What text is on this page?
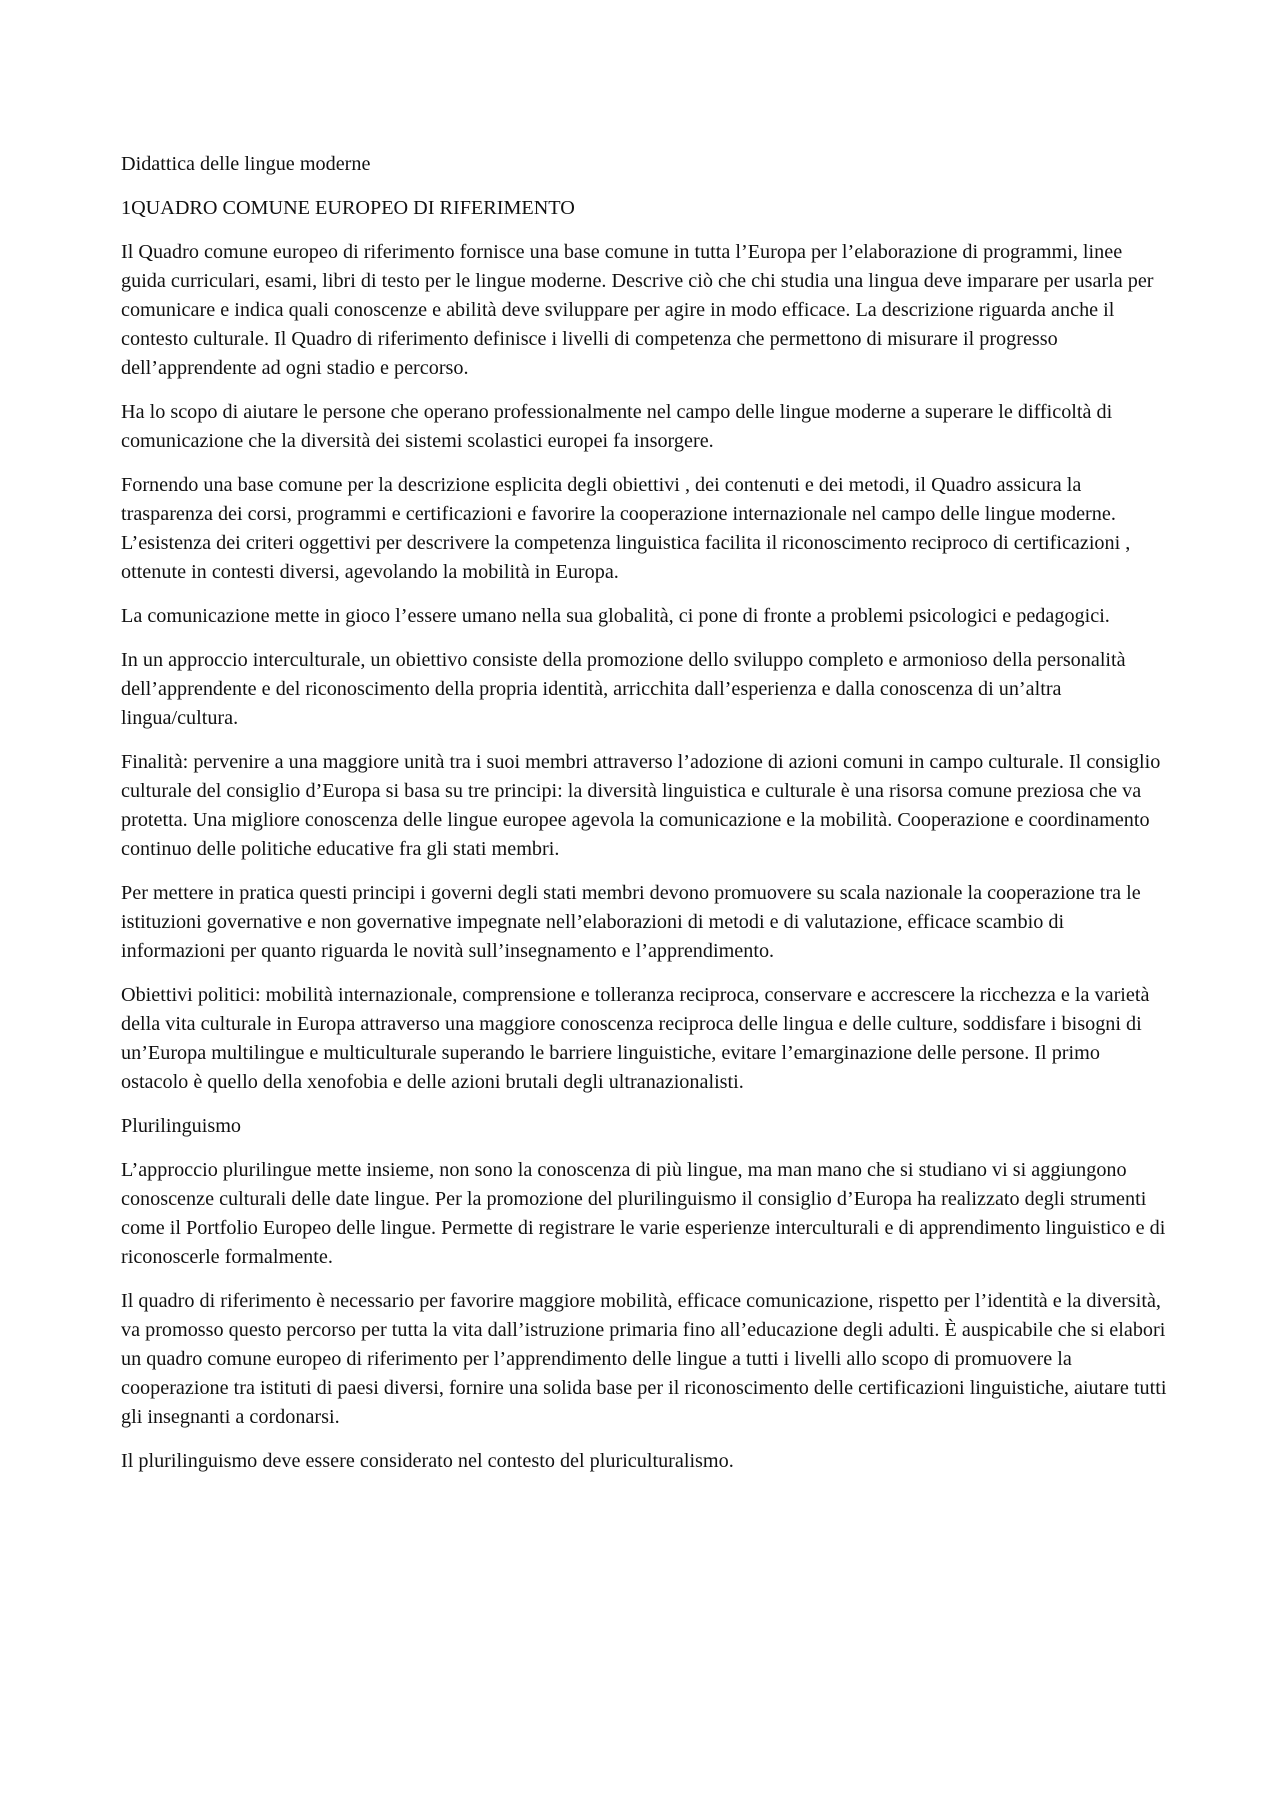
Didattica delle lingue moderne

1QUADRO COMUNE EUROPEO DI RIFERIMENTO

Il Quadro comune europeo di riferimento fornisce una base comune in tutta l’Europa per l’elaborazione di programmi, linee guida curriculari, esami, libri di testo per le lingue moderne. Descrive ciò che chi studia una lingua deve imparare per usarla per comunicare e indica quali conoscenze e abilità deve sviluppare per agire in modo efficace. La descrizione riguarda anche il contesto culturale. Il Quadro di riferimento definisce i livelli di competenza che permettono di misurare il progresso dell’apprendente ad ogni stadio e percorso.

Ha lo scopo di aiutare le persone che operano professionalmente nel campo delle lingue moderne a superare le difficoltà di comunicazione che la diversità dei sistemi scolastici europei fa insorgere.

Fornendo una base comune per la descrizione esplicita degli obiettivi , dei contenuti e dei metodi, il Quadro assicura la trasparenza dei corsi, programmi e certificazioni e favorire la cooperazione internazionale nel campo delle lingue moderne. L’esistenza dei criteri oggettivi per descrivere la competenza linguistica facilita il riconoscimento reciproco di certificazioni , ottenute in contesti diversi, agevolando la mobilità in Europa.

La comunicazione mette in gioco l’essere umano nella sua globalità, ci pone di fronte a problemi psicologici e pedagogici.

In un approccio interculturale, un obiettivo consiste della promozione dello sviluppo completo e armonioso della personalità dell’apprendente e del riconoscimento della propria identità, arricchita dall’esperienza e dalla conoscenza di un’altra lingua/cultura.

Finalità: pervenire a una maggiore unità tra i suoi membri attraverso l’adozione di azioni comuni in campo culturale. Il consiglio culturale del consiglio d’Europa si basa su tre principi: la diversità linguistica e culturale è una risorsa comune preziosa che va protetta. Una migliore conoscenza delle lingue europee agevola la comunicazione e la mobilità. Cooperazione e coordinamento continuo delle politiche educative fra gli stati membri.

Per mettere in pratica questi principi i governi degli stati membri devono promuovere su scala nazionale la cooperazione tra le istituzioni governative e non governative impegnate nell’elaborazioni di metodi e di valutazione, efficace scambio di informazioni per quanto riguarda le novità sull’insegnamento e l’apprendimento.

Obiettivi politici: mobilità internazionale, comprensione e tolleranza reciproca, conservare e accrescere la ricchezza e la varietà della vita culturale in Europa attraverso una maggiore conoscenza reciproca delle lingua e delle culture, soddisfare i bisogni di un’Europa multilingue e multiculturale superando le barriere linguistiche, evitare l’emarginazione delle persone. Il primo ostacolo è quello della xenofobia e delle azioni brutali degli ultranazionalisti.

Plurilinguismo

L’approccio plurilingue mette insieme, non sono la conoscenza di più lingue, ma man mano che si studiano vi si aggiungono conoscenze culturali delle date lingue. Per la promozione del plurilinguismo il consiglio d’Europa ha realizzato degli strumenti come il Portfolio Europeo delle lingue. Permette di registrare le varie esperienze interculturali e di apprendimento linguistico e di riconoscerle formalmente.

Il quadro di riferimento è necessario per favorire maggiore mobilità, efficace comunicazione, rispetto per l’identità e la diversità, va promosso questo percorso per tutta la vita dall’istruzione primaria fino all’educazione degli adulti. È auspicabile che si elabori un quadro comune europeo di riferimento per l’apprendimento delle lingue a tutti i livelli allo scopo di promuovere la cooperazione tra istituti di paesi diversi, fornire una solida base per il riconoscimento delle certificazioni linguistiche, aiutare tutti gli insegnanti a cordonarsi.

Il plurilinguismo deve essere considerato nel contesto del pluriculturalismo.
